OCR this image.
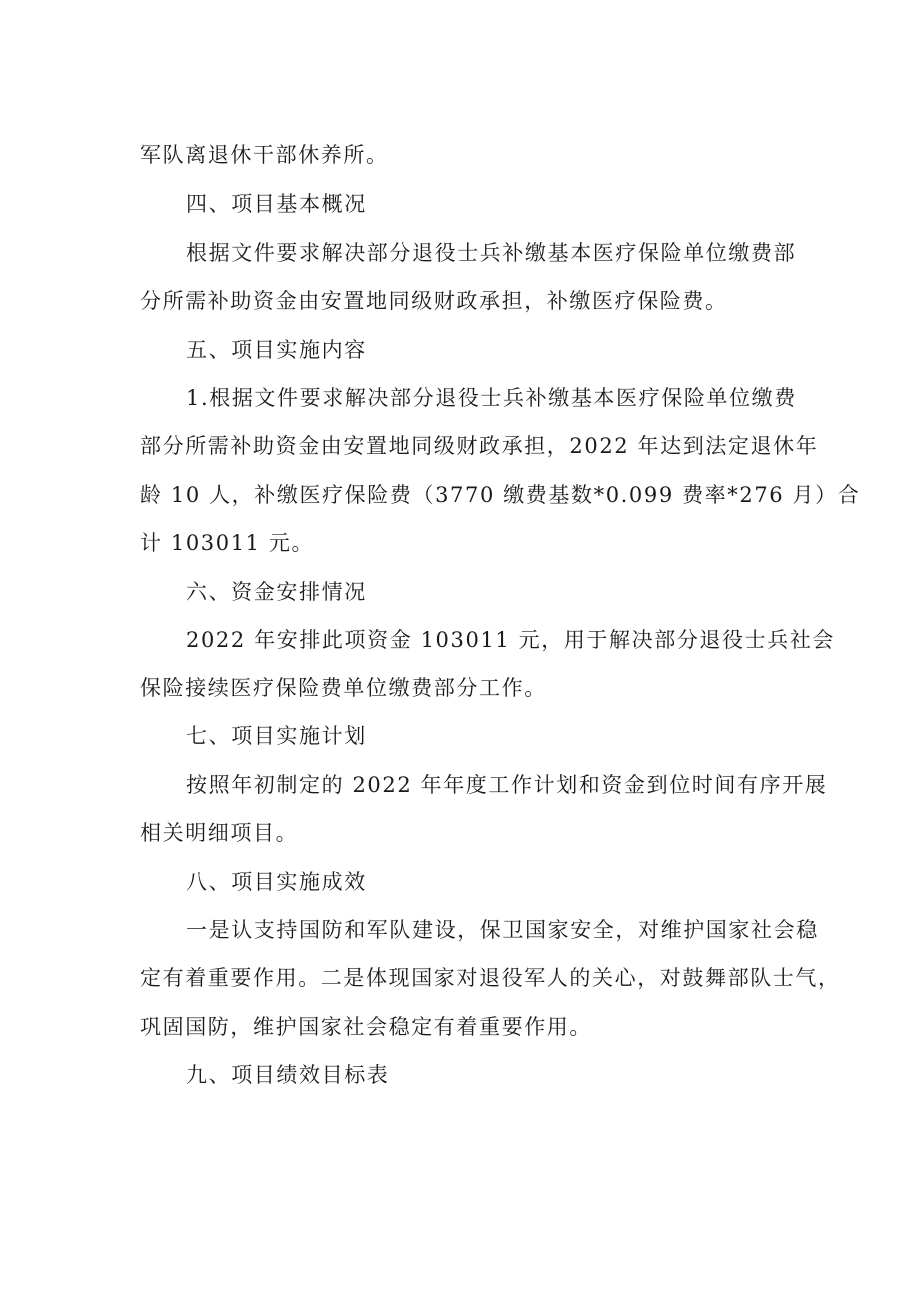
军队离退休干部休养所。
四、项目基本概况
根据文件要求解决部分退役士兵补缴基本医疗保险单位缴费部
分所需补助资金由安置地同级财政承担，补缴医疗保险费。
五、项目实施内容
1.根据文件要求解决部分退役士兵补缴基本医疗保险单位缴费
部分所需补助资金由安置地同级财政承担，2022 年达到法定退休年
龄 10 人，补缴医疗保险费（3770 缴费基数*0.099 费率*276 月）合
计 103011 元。
六、资金安排情况
2022 年安排此项资金 103011 元，用于解决部分退役士兵社会
保险接续医疗保险费单位缴费部分工作。
七、项目实施计划
按照年初制定的 2022 年年度工作计划和资金到位时间有序开展
相关明细项目。
八、项目实施成效
一是认支持国防和军队建设，保卫国家安全，对维护国家社会稳
定有着重要作用。二是体现国家对退役军人的关心，对鼓舞部队士气，
巩固国防，维护国家社会稳定有着重要作用。
九、项目绩效目标表
